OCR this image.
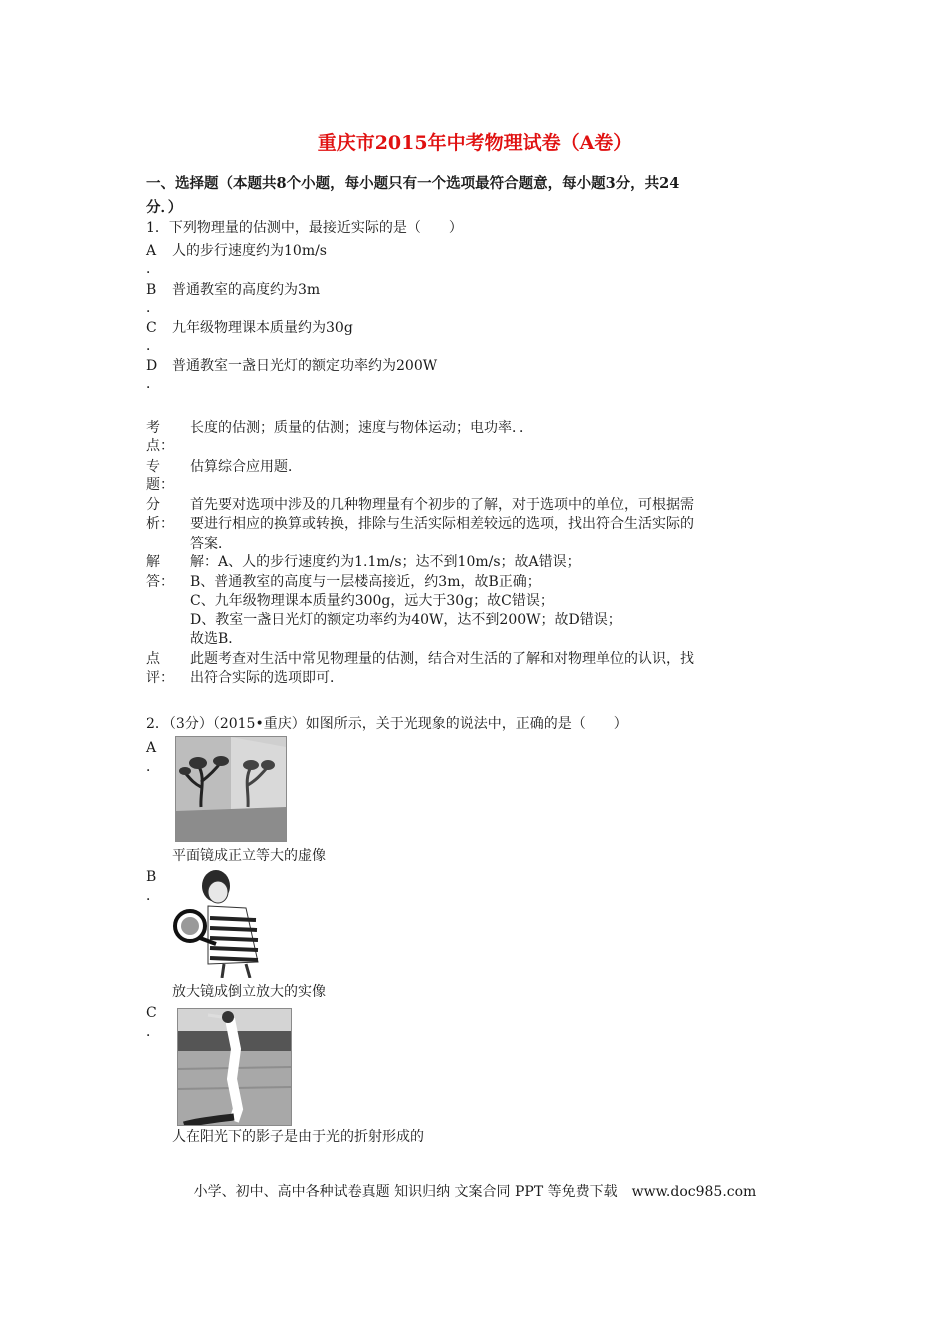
重庆市2015年中考物理试卷（A卷）
一、选择题（本题共8个小题，每小题只有一个选项最符合题意，每小题3分，共24
分．）
1．下列物理量的估测中，最接近实际的是（　　）
A
．
人的步行速度约为10m/s
B
．
普通教室的高度约为3m
C
．
九年级物理课本质量约为30g
D
．
普通教室一盏日光灯的额定功率约为200W
考
点：
长度的估测；质量的估测；速度与物体运动；电功率．．
专
题：
估算综合应用题．
分
析：
首先要对选项中涉及的几种物理量有个初步的了解，对于选项中的单位，可根据需
要进行相应的换算或转换，排除与生活实际相差较远的选项，找出符合生活实际的
答案．
解
答：
解：A、人的步行速度约为1.1m/s；达不到10m/s；故A错误；
B、普通教室的高度与一层楼高接近，约3m，故B正确；
C、九年级物理课本质量约300g，远大于30g；故C错误；
D、教室一盏日光灯的额定功率约为40W，达不到200W；故D错误；
故选B．
点
评：
此题考查对生活中常见物理量的估测，结合对生活的了解和对物理单位的认识，找
出符合实际的选项即可．
2．（3分）（2015•重庆）如图所示，关于光现象的说法中，正确的是（　　）
A
．
平面镜成正立等大的虚像
B
．
放大镜成倒立放大的实像
C
．
人在阳光下的影子是由于光的折射形成的
小学、初中、高中各种试卷真题 知识归纳 文案合同 PPT 等免费下载　www.doc985.com
